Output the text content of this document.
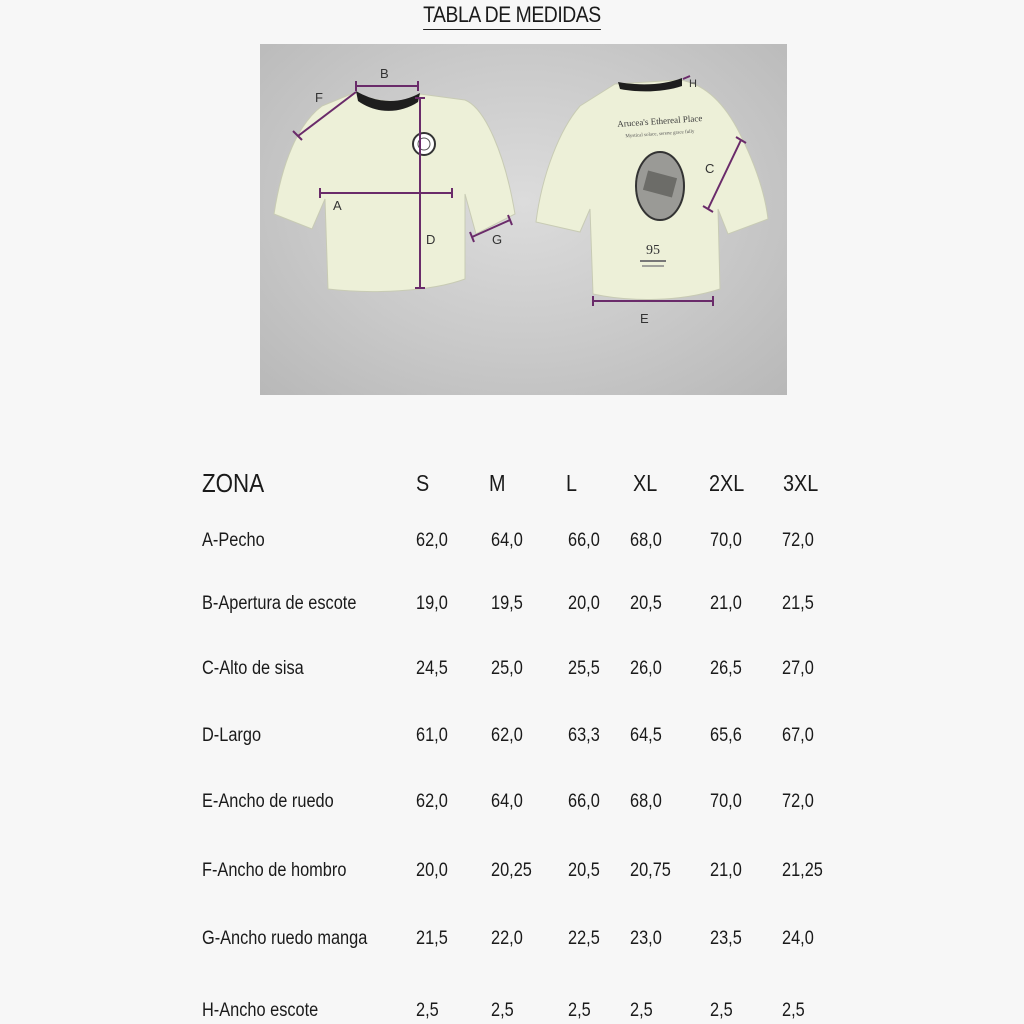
TABLA DE MEDIDAS
Arucea's Ethereal Place
Mystical solace, serene grace fully
95
B
F
A
D	G
H
C
E
ZONA	S	M	L XL 2XL 3XL
A-Pecho	62,0 64,0 66,0 68,0	70,0 72,0
B-Apertura de escote	19,0 19,5 20,0 20,5	21,0 21,5
C-Alto de sisa	24,5 25,0 25,5 26,0	26,5 27,0
D-Largo	61,0 62,0 63,3 64,5	65,6 67,0
E-Ancho de ruedo	62,0 64,0 66,0 68,0	70,0 72,0
F-Ancho de hombro	20,0 20,25 20,5 20,75 21,0 21,25
G-Ancho ruedo manga	21,5 22,0 22,5 23,0	23,5 24,0
H-Ancho escote	2,5	2,5	2,5 2,5	2,5	2,5
